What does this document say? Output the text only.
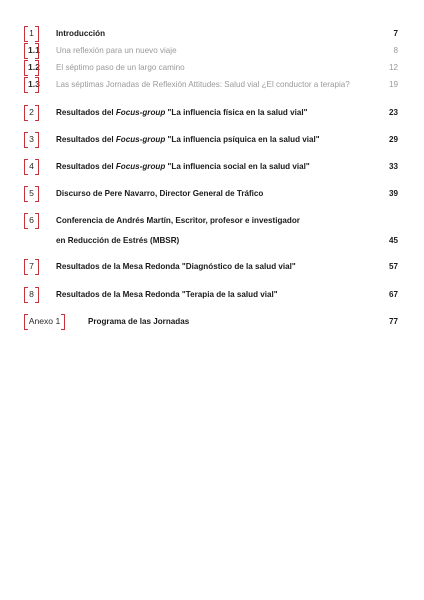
1	Introducción	7
1.1 Una reflexión para un nuevo viaje	8
1.2 El séptimo paso de un largo camino	12
1.3 Las séptimas Jornadas de Reflexión Attitudes: Salud vial ¿El conductor a terapia?	19
2	Resultados del Focus-group "La influencia física en la salud vial"	23
3	Resultados del Focus-group "La influencia psíquica en la salud vial"	29
4	Resultados del Focus-group "La influencia social en la salud vial"	33
5	Discurso de Pere Navarro, Director General de Tráfico	39
6	Conferencia de Andrés Martín, Escritor, profesor e investigador
en Reducción de Estrés (MBSR)	45
7	Resultados de la Mesa Redonda "Diagnóstico de la salud vial"	57
8	Resultados de la Mesa Redonda "Terapia de la salud vial"	67
Anexo 1	Programa de las Jornadas	77
